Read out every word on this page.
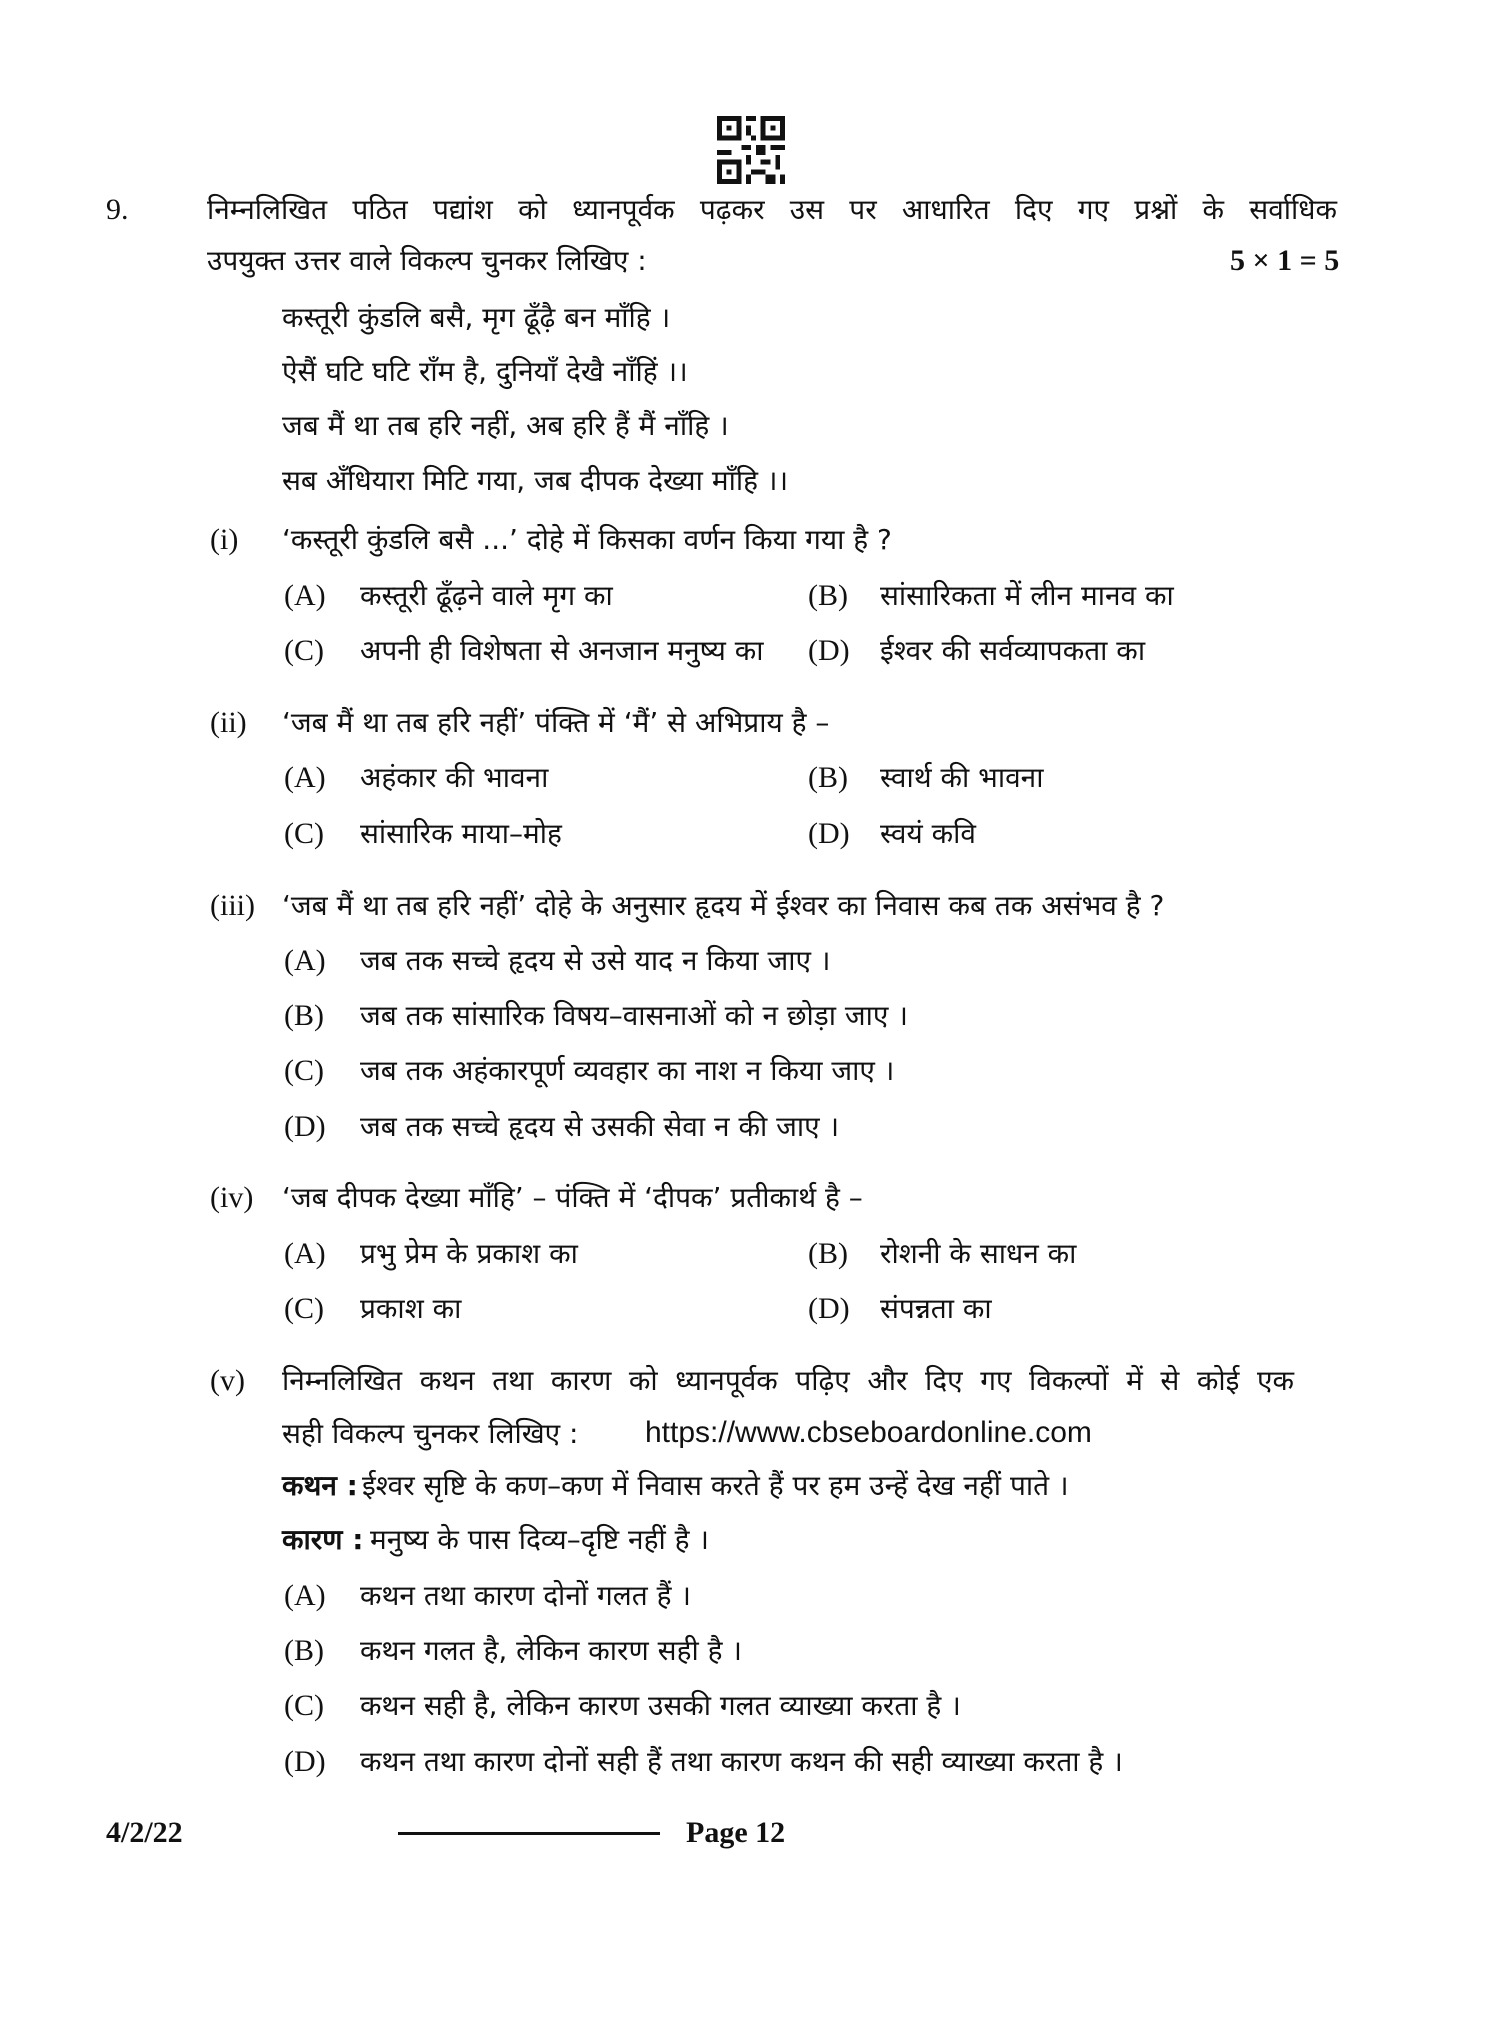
9.	निम्नलिखित पठित पद्यांश को ध्यानपूर्वक पढ़कर उस पर आधारित दिए गए प्रश्नों के सर्वाधिक
उपयुक्त उत्तर वाले विकल्प चुनकर लिखिए :	5 × 1 = 5
कस्तूरी कुंडलि बसै, मृग ढूँढ़ै बन माँहि ।
ऐसैं घटि घटि राँम है, दुनियाँ देखै नाँहिं ।।
जब मैं था तब हरि नहीं, अब हरि हैं मैं नाँहि ।
सब अँधियारा मिटि गया, जब दीपक देख्या माँहि ।।
(i) ‘कस्तूरी कुंडलि बसै ...’ दोहे में किसका वर्णन किया गया है ?
(A) कस्तूरी ढूँढ़ने वाले मृग का	(B) सांसारिकता में लीन मानव का
(C) अपनी ही विशेषता से अनजान मनुष्य का (D) ईश्वर की सर्वव्यापकता का
(ii) ‘जब मैं था तब हरि नहीं’ पंक्ति में ‘मैं’ से अभिप्राय है –
(A) अहंकार की भावना	(B) स्वार्थ की भावना
(C) सांसारिक माया–मोह	(D) स्वयं कवि
(iii) ‘जब मैं था तब हरि नहीं’ दोहे के अनुसार हृदय में ईश्वर का निवास कब तक असंभव है ?
(A) जब तक सच्चे हृदय से उसे याद न किया जाए ।
(B) जब तक सांसारिक विषय–वासनाओं को न छोड़ा जाए ।
(C) जब तक अहंकारपूर्ण व्यवहार का नाश न किया जाए ।
(D) जब तक सच्चे हृदय से उसकी सेवा न की जाए ।
(iv) ‘जब दीपक देख्या माँहि’ – पंक्ति में ‘दीपक’ प्रतीकार्थ है –
(A) प्रभु प्रेम के प्रकाश का	(B) रोशनी के साधन का
(C) प्रकाश का	(D) संपन्नता का
(v) निम्नलिखित कथन तथा कारण को ध्यानपूर्वक पढ़िए और दिए गए विकल्पों में से कोई एक
सही विकल्प चुनकर लिखिए : https://www.cbseboardonline.com
कथन : ईश्वर सृष्टि के कण–कण में निवास करते हैं पर हम उन्हें देख नहीं पाते ।
कारण : मनुष्य के पास दिव्य–दृष्टि नहीं है ।
(A) कथन तथा कारण दोनों गलत हैं ।
(B) कथन गलत है, लेकिन कारण सही है ।
(C) कथन सही है, लेकिन कारण उसकी गलत व्याख्या करता है ।
(D) कथन तथा कारण दोनों सही हैं तथा कारण कथन की सही व्याख्या करता है ।
4/2/22	Page 12
